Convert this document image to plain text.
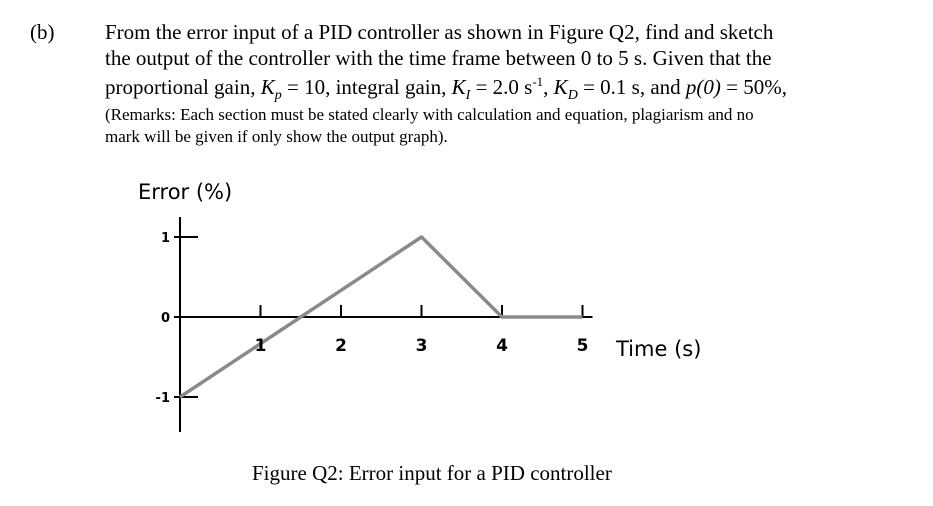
(b) From the error input of a PID controller as shown in Figure Q2, find and sketch
the output of the controller with the time frame between 0 to 5 s. Given that the
proportional gain, $K_p = 10$, integral gain, $K_I = 2.0$ $s^{-1}$, $K_D = 0.1$ s, and p(0) = 50%,
(Remarks: Each section must be stated clearly with calculation and equation, plagiarism and no
mark will be given if only show the output graph).
1
0
-1
1	2	3	4	5
Error (%)
Time (s)
Figure Q2: Error input for a PID controller
